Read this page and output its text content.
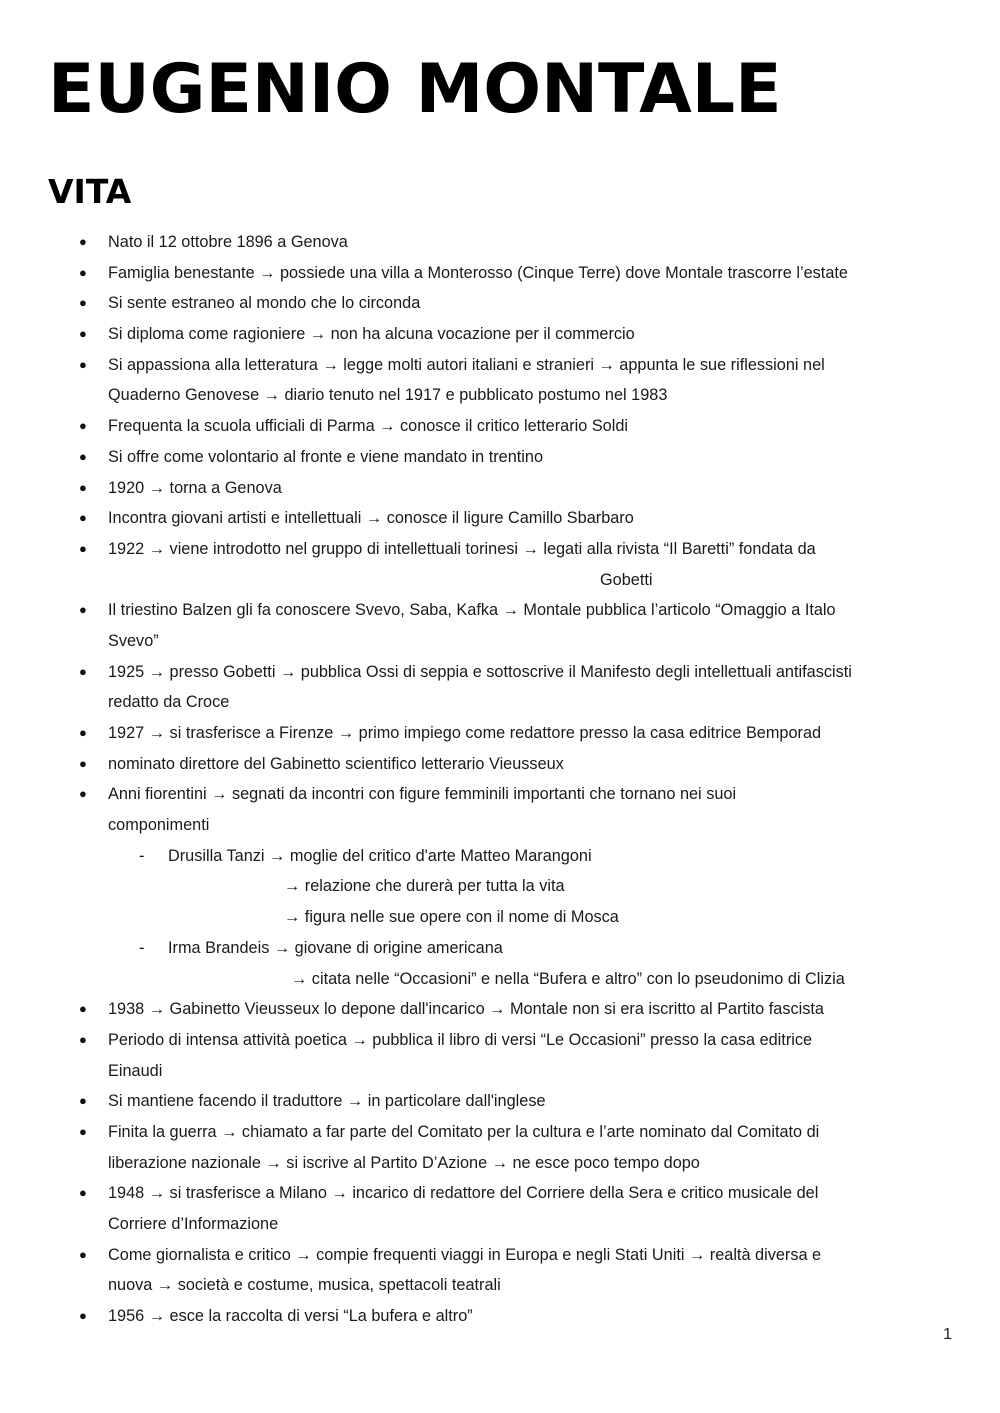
EUGENIO MONTALE
VITA
● Nato il 12 ottobre 1896 a Genova
● Famiglia benestante → possiede una villa a Monterosso (Cinque Terre) dove Montale trascorre l’estate
● Si sente estraneo al mondo che lo circonda
● Si diploma come ragioniere → non ha alcuna vocazione per il commercio
● Si appassiona alla letteratura → legge molti autori italiani e stranieri → appunta le sue riflessioni nel
Quaderno Genovese → diario tenuto nel 1917 e pubblicato postumo nel 1983
● Frequenta la scuola ufficiali di Parma → conosce il critico letterario Soldi
● Si offre come volontario al fronte e viene mandato in trentino
● 1920 → torna a Genova
● Incontra giovani artisti e intellettuali → conosce il ligure Camillo Sbarbaro
● 1922 → viene introdotto nel gruppo di intellettuali torinesi → legati alla rivista “Il Baretti” fondata da
Gobetti
● Il triestino Balzen gli fa conoscere Svevo, Saba, Kafka → Montale pubblica l’articolo “Omaggio a Italo
Svevo”
● 1925 → presso Gobetti → pubblica Ossi di seppia e sottoscrive il Manifesto degli intellettuali antifascisti
redatto da Croce
● 1927 → si trasferisce a Firenze → primo impiego come redattore presso la casa editrice Bemporad
● nominato direttore del Gabinetto scientifico letterario Vieusseux
● Anni fiorentini → segnati da incontri con figure femminili importanti che tornano nei suoi
componimenti
- Drusilla Tanzi → moglie del critico d'arte Matteo Marangoni
→ relazione che durerà per tutta la vita
→ figura nelle sue opere con il nome di Mosca
- Irma Brandeis → giovane di origine americana
→ citata nelle “Occasioni” e nella “Bufera e altro” con lo pseudonimo di Clizia
● 1938 → Gabinetto Vieusseux lo depone dall'incarico → Montale non si era iscritto al Partito fascista
● Periodo di intensa attività poetica → pubblica il libro di versi “Le Occasioni” presso la casa editrice
Einaudi
● Si mantiene facendo il traduttore → in particolare dall'inglese
● Finita la guerra → chiamato a far parte del Comitato per la cultura e l’arte nominato dal Comitato di
liberazione nazionale → si iscrive al Partito D’Azione → ne esce poco tempo dopo
● 1948 → si trasferisce a Milano → incarico di redattore del Corriere della Sera e critico musicale del
Corriere d’Informazione
● Come giornalista e critico → compie frequenti viaggi in Europa e negli Stati Uniti → realtà diversa e
nuova → società e costume, musica, spettacoli teatrali
● 1956 → esce la raccolta di versi “La bufera e altro”
1
